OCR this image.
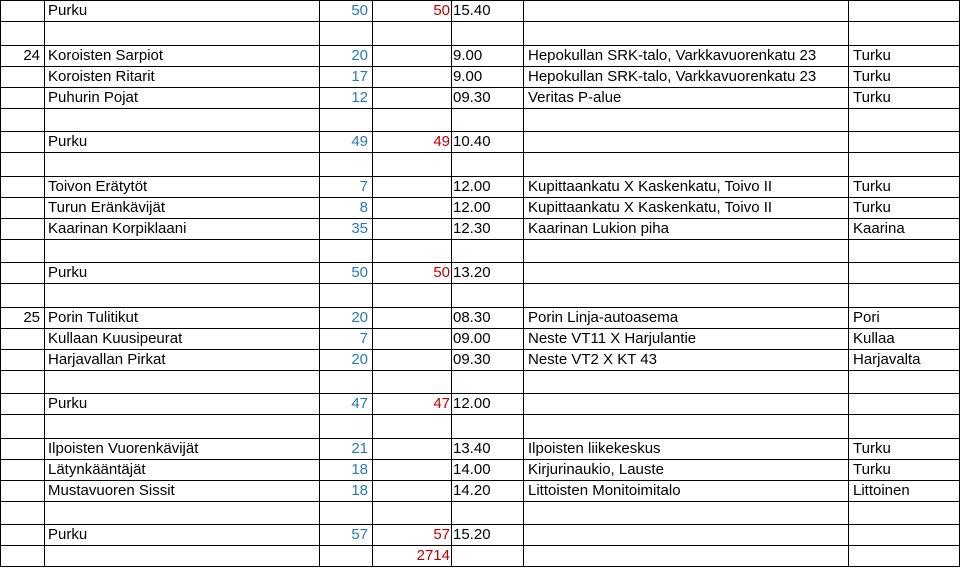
	Purku	50	50	15.40		

24	Koroisten Sarpiot	20		9.00	Hepokullan SRK-talo, Varkkavuorenkatu 23	Turku
	Koroisten Ritarit	17		9.00	Hepokullan SRK-talo, Varkkavuorenkatu 23	Turku
	Puhurin Pojat	12		09.30	Veritas P-alue	Turku

	Purku	49	49	10.40		

	Toivon Erätytöt	7		12.00	Kupittaankatu X Kaskenkatu, Toivo II	Turku
	Turun Eränkävijät	8		12.00	Kupittaankatu X Kaskenkatu, Toivo II	Turku
	Kaarinan Korpiklaani	35		12.30	Kaarinan Lukion piha	Kaarina

	Purku	50	50	13.20		

25	Porin Tulitikut	20		08.30	Porin Linja-autoasema	Pori
	Kullaan Kuusipeurat	7		09.00	Neste VT11 X Harjulantie	Kullaa
	Harjavallan Pirkat	20		09.30	Neste VT2 X KT 43	Harjavalta

	Purku	47	47	12.00		

	Ilpoisten Vuorenkävijät	21		13.40	Ilpoisten liikekeskus	Turku
	Lätynkääntäjät	18		14.00	Kirjurinaukio, Lauste	Turku
	Mustavuoren Sissit	18		14.20	Littoisten Monitoimitalo	Littoinen

	Purku	57	57	15.20		
			2714			
